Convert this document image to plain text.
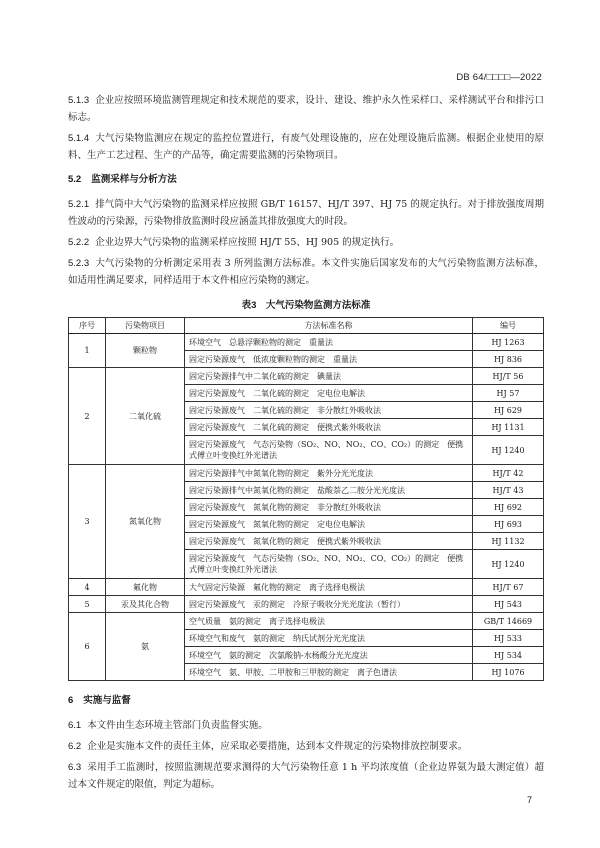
DB 64/□□□□—2022

5.1.3 企业应按照环境监测管理规定和技术规范的要求，设计、建设、维护永久性采样口、采样测试平台和排污口标志。

5.1.4 大气污染物监测应在规定的监控位置进行，有废气处理设施的，应在处理设施后监测。根据企业使用的原料、生产工艺过程、生产的产品等，确定需要监测的污染物项目。

5.2 监测采样与分析方法

5.2.1 排气筒中大气污染物的监测采样应按照 GB/T 16157、HJ/T 397、HJ 75 的规定执行。对于排放强度周期性波动的污染源，污染物排放监测时段应涵盖其排放强度大的时段。

5.2.2 企业边界大气污染物的监测采样应按照 HJ/T 55、HJ 905 的规定执行。

5.2.3 大气污染物的分析测定采用表 3 所列监测方法标准。本文件实施后国家发布的大气污染物监测方法标准，如适用性满足要求，同样适用于本文件相应污染物的测定。

表3　大气污染物监测方法标准
序号	污染物项目	方法标准名称	编号
1	颗粒物	环境空气　总悬浮颗粒物的测定　重量法	HJ 1263
		固定污染源废气　低浓度颗粒物的测定　重量法	HJ 836
2	二氧化硫	固定污染源排气中二氧化硫的测定　碘量法	HJ/T 56
		固定污染源废气　二氧化硫的测定　定电位电解法	HJ 57
		固定污染源废气　二氧化硫的测定　非分散红外吸收法	HJ 629
		固定污染源废气　二氧化硫的测定　便携式紫外吸收法	HJ 1131
		固定污染源废气　气态污染物（SO₂、NO、NO₂、CO、CO₂）的测定　便携式傅立叶变换红外光谱法	HJ 1240
3	氮氧化物	固定污染源排气中氮氧化物的测定　紫外分光光度法	HJ/T 42
		固定污染源排气中氮氧化物的测定　盐酸萘乙二胺分光光度法	HJ/T 43
		固定污染源废气　氮氧化物的测定　非分散红外吸收法	HJ 692
		固定污染源废气　氮氧化物的测定　定电位电解法	HJ 693
		固定污染源废气　氮氧化物的测定　便携式紫外吸收法	HJ 1132
		固定污染源废气　气态污染物（SO₂、NO、NO₂、CO、CO₂）的测定　便携式傅立叶变换红外光谱法	HJ 1240
4	氟化物	大气固定污染源　氟化物的测定　离子选择电极法	HJ/T 67
5	汞及其化合物	固定污染源废气　汞的测定　冷原子吸收分光光度法（暂行）	HJ 543
6	氨	空气质量　氨的测定　离子选择电极法	GB/T 14669
		环境空气和废气　氨的测定　纳氏试剂分光光度法	HJ 533
		环境空气　氨的测定　次氯酸钠-水杨酸分光光度法	HJ 534
		环境空气　氨、甲胺、二甲胺和三甲胺的测定　离子色谱法	HJ 1076
6 实施与监督

6.1 本文件由生态环境主管部门负责监督实施。

6.2 企业是实施本文件的责任主体，应采取必要措施，达到本文件规定的污染物排放控制要求。

6.3 采用手工监测时，按照监测规范要求测得的大气污染物任意 1 h 平均浓度值（企业边界氨为最大测定值）超过本文件规定的限值，判定为超标。

7
